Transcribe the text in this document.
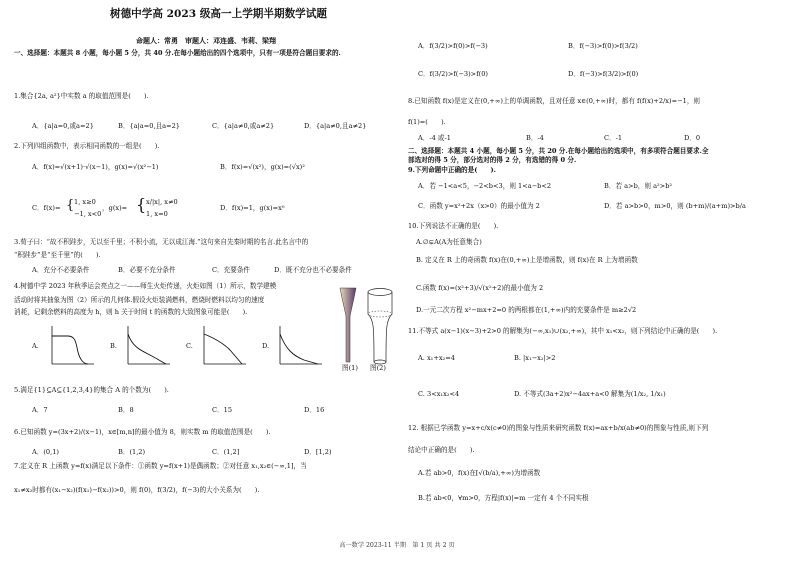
树德中学高 2023 级高一上学期半期数学试题
命题人：常勇　审题人：邓连盛、韦莉、梁翔
一、选择题：本题共 8 小题，每小题 5 分，共 40 分.在每小题给出的四个选项中，只有一项是符合题目要求的.
1.集合{2a, a²}中实数 a 的取值范围是(　　).
A．{a|a=0,或a=2}	B．{a|a=0,且a=2}	C．{a|a≠0,或a≠2}	D．{a|a≠0,且a≠2}
2.下列四组函数中，表示相同函数的一组是(　　).
A．f(x)=√(x+1)·√(x−1)，g(x)=√(x²−1)	B．f(x)=√(x²)，g(x)=(√x)²
C．f(x)= { 1, x≥0
−1, x<0
，g(x)= { x/|x|, x≠0
1, x=0
D．f(x)=1，g(x)=x⁰
3.荀子曰：“故不积跬步，无以至千里；不积小流，无以成江海.”这句来自先秦时期的名言.此名言中的
“积跬步”是“至千里”的(　　).
A．充分不必要条件	B．必要不充分条件	C．充要条件	D．既不充分也不必要条件
4.树德中学 2023 年秋季运会亮点之一——师生火炬传递，火炬如图（1）所示，数学建模
活动时将其抽象为图（2）所示的几何体.假设火炬装满燃料，燃烧时燃料以均匀的速度
消耗，记剩余燃料的高度为 h，则 h 关于时间 t 的函数的大致图象可能是(　　).
A.	B.	C.	D.
图(1) 图(2)
5.满足{1}⊆A⊆{1,2,3,4}的集合 A 的个数为(　　).
A．7	B．8	C．15	D．16
6.已知函数 y=(3x+2)/(x−1)，x∈[m,n]的最小值为 8，则实数 m 的取值范围是(　　).
A．(0,1)	B．(1,2)	C．(1,2]	D．[1,2)
7.定义在 R 上函数 y=f(x)满足以下条件：①函数 y=f(x+1)是偶函数；②对任意 x₁,x₂∈(−∞,1]，当
x₁≠x₂时都有(x₁−x₂)(f(x₁)−f(x₂))>0，则 f(0)，f(3/2)，f(−3)的大小关系为(　　).
A．f(3/2)>f(0)>f(−3)	B．f(−3)>f(0)>f(3/2)
C．f(3/2)>f(−3)>f(0)	D．f(−3)>f(3/2)>f(0)
8.已知函数 f(x)是定义在(0,+∞)上的单调函数，且对任意 x∈(0,+∞)时，都有 f(f(x)+2/x)=−1，则
f(1)=(　　).
A．-4 或-1	B．-4	C．-1	D．0
二、选择题：本题共 4 小题，每小题 5 分，共 20 分.在每小题给出的选项中，有多项符合题目要求.全
部选对的得 5 分，部分选对的得 2 分，有选错的得 0 分.
9.下列命题中正确的是(　　).
A．若 −1<a<5，−2<b<3，则 1<a−b<2	B．若 a>b，则 a²>b²
C．函数 y=x²+2x（x>0）的最小值为 2	D．若 a>b>0，m>0，则 (b+m)/(a+m)>b/a
10.下列说法不正确的是(　　).
A.∅⊊A(A为任意集合)
B. 定义在 R 上的奇函数 f(x)在(0,+∞)上是增函数，则 f(x)在 R 上为增函数
C.函数 f(x)=(x²+3)/√(x²+2)的最小值为 2
D.一元二次方程 x²−mx+2=0 的两根都在(1,+∞)内的充要条件是 m≥2√2
11.不等式 a(x−1)(x−3)+2>0 的解集为(−∞,x₁)∪(x₂,+∞)，其中 x₁<x₂，则下列结论中正确的是(　　).
A. x₁+x₂=4	B. |x₁−x₂|>2
C. 3<x₁x₂<4	D. 不等式(3a+2)x²−4ax+a<0 解集为(1/x₂, 1/x₁)
12. 根据已学函数 y=x+c/x(c≠0)的图象与性质来研究函数 f(x)=ax+b/x(ab≠0)的图象与性质,则下列
结论中正确的是(　　).
A.若 ab>0，f(x)在[√(b/a),+∞)为增函数
B.若 ab<0，∀m>0，方程|f(x)|=m 一定有 4 个不同实根
高一数学 2023-11 半期　第 1 页 共 2 页
